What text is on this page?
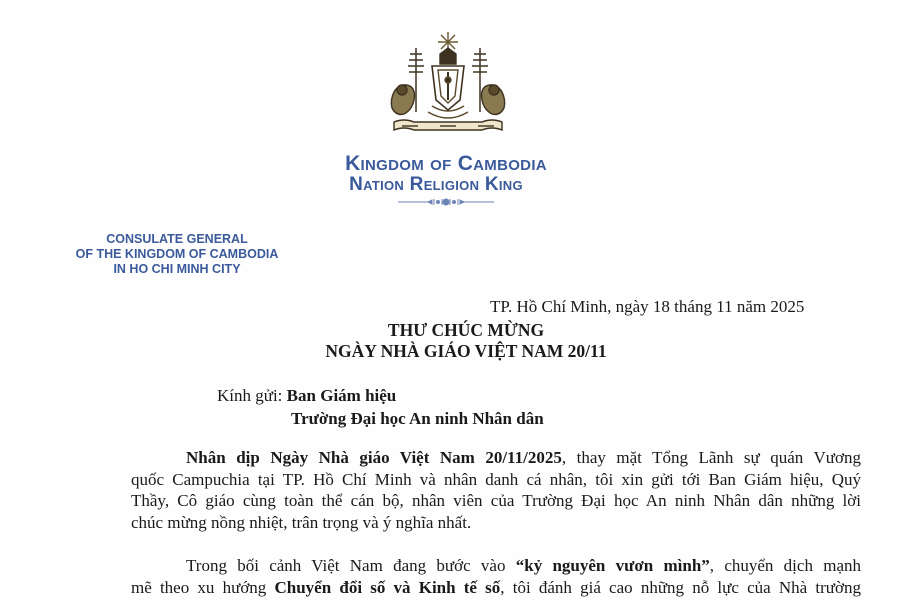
Kingdom of Cambodia
Nation Religion King
CONSULATE GENERAL
OF THE KINGDOM OF CAMBODIA
IN HO CHI MINH CITY
TP. Hồ Chí Minh, ngày 18 tháng 11 năm 2025
THƯ CHÚC MỪNG
NGÀY NHÀ GIÁO VIỆT NAM 20/11
Kính gửi: Ban Giám hiệu
Trường Đại học An ninh Nhân dân
Nhân dịp Ngày Nhà giáo Việt Nam 20/11/2025, thay mặt Tổng Lãnh sự quán Vương
quốc Campuchia tại TP. Hồ Chí Minh và nhân danh cá nhân, tôi xin gửi tới Ban Giám hiệu, Quý
Thầy, Cô giáo cùng toàn thể cán bộ, nhân viên của Trường Đại học An ninh Nhân dân những lời
chúc mừng nồng nhiệt, trân trọng và ý nghĩa nhất.
Trong bối cảnh Việt Nam đang bước vào “kỷ nguyên vươn mình”, chuyển dịch mạnh
mẽ theo xu hướng Chuyển đổi số và Kinh tế số, tôi đánh giá cao những nỗ lực của Nhà trường
